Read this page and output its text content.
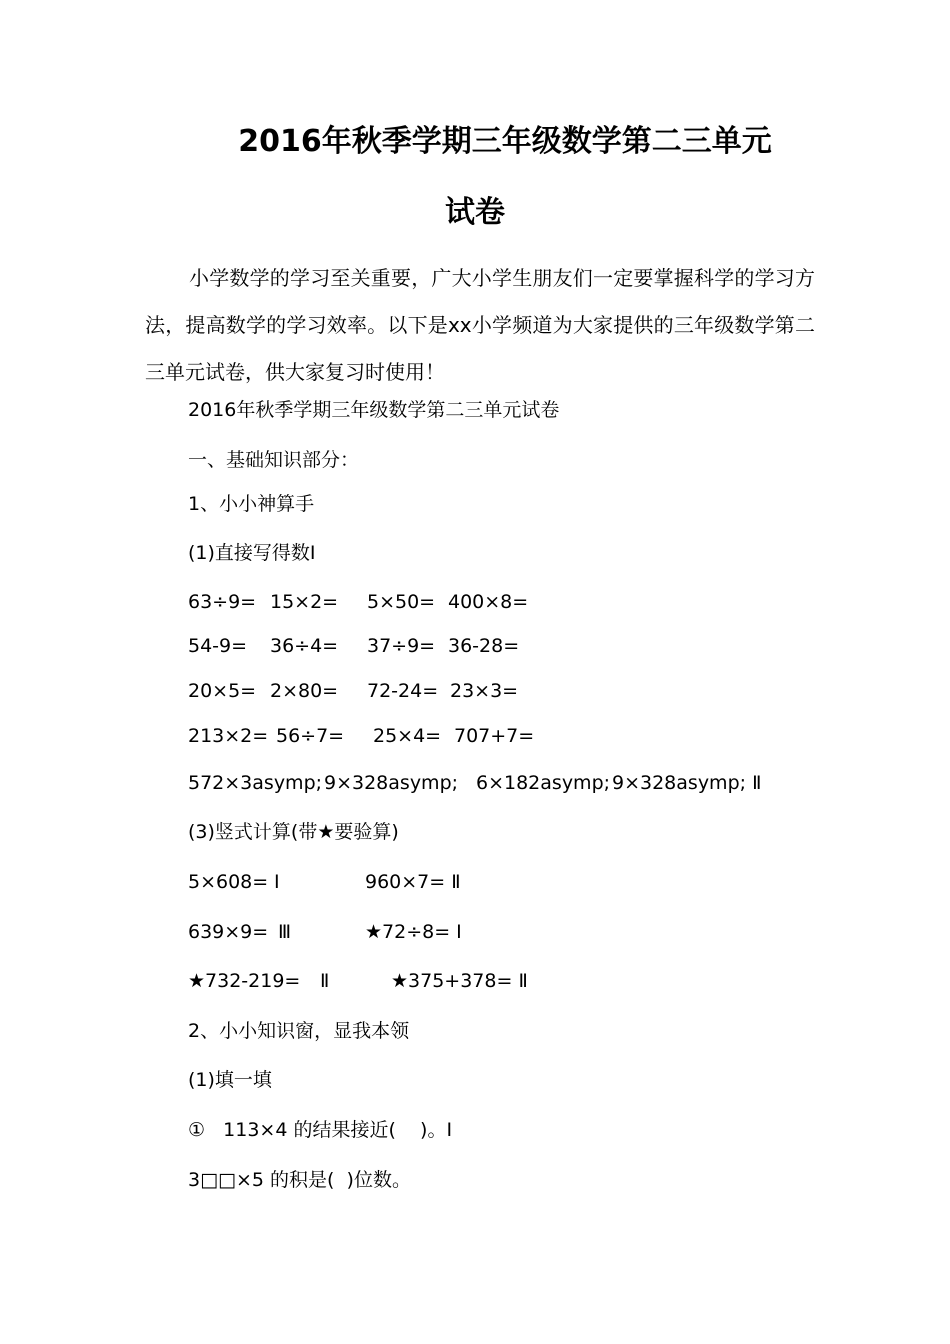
2016年秋季学期三年级数学第二三单元
试卷
小学数学的学习至关重要，广大小学生朋友们一定要掌握科学的学习方法，提高数学的学习效率。以下是xx小学频道为大家提供的三年级数学第二三单元试卷，供大家复习时使用！
2016年秋季学期三年级数学第二三单元试卷
一、基础知识部分：
1、小小神算手
(1)直接写得数Ⅰ
63÷9= 15×2= 5×50= 400×8=
54-9= 36÷4= 37÷9= 36-28=
20×5= 2×80= 72-24= 23×3=
213×2= 56÷7= 25×4= 707+7=
572×3asymp; 9×328asymp; 6×182asymp; 9×328asymp; Ⅱ
(3)竖式计算(带★要验算)
5×608= Ⅰ	960×7= Ⅱ
639×9= Ⅲ	★72÷8= Ⅰ
★732-219= Ⅱ	★375+378= Ⅱ
2、小小知识窗，显我本领
(1)填一填
①   113×4 的结果接近(    )。Ⅰ
3□□×5 的积是(  )位数。
